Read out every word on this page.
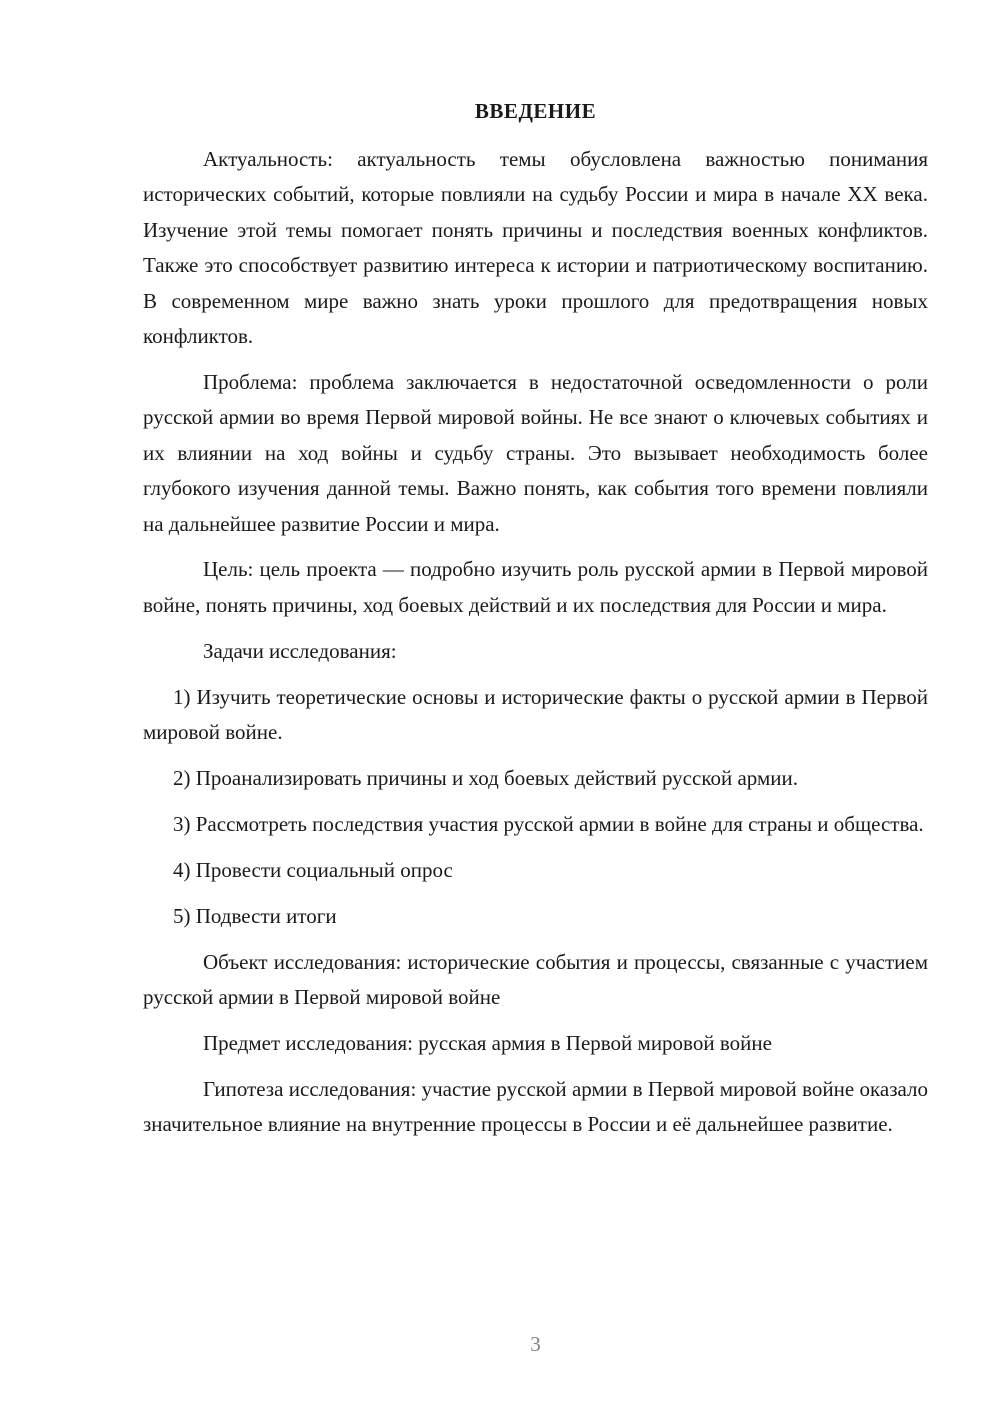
ВВЕДЕНИЕ

Актуальность: актуальность темы обусловлена важностью понимания исторических событий, которые повлияли на судьбу России и мира в начале XX века. Изучение этой темы помогает понять причины и последствия военных конфликтов. Также это способствует развитию интереса к истории и патриотическому воспитанию. В современном мире важно знать уроки прошлого для предотвращения новых конфликтов.

Проблема: проблема заключается в недостаточной осведомленности о роли русской армии во время Первой мировой войны. Не все знают о ключевых событиях и их влиянии на ход войны и судьбу страны. Это вызывает необходимость более глубокого изучения данной темы. Важно понять, как события того времени повлияли на дальнейшее развитие России и мира.

Цель: цель проекта — подробно изучить роль русской армии в Первой мировой войне, понять причины, ход боевых действий и их последствия для России и мира.

Задачи исследования:

1) Изучить теоретические основы и исторические факты о русской армии в Первой мировой войне.

2) Проанализировать причины и ход боевых действий русской армии.

3) Рассмотреть последствия участия русской армии в войне для страны и общества.

4) Провести социальный опрос

5) Подвести итоги

Объект исследования: исторические события и процессы, связанные с участием русской армии в Первой мировой войне

Предмет исследования: русская армия в Первой мировой войне

Гипотеза исследования: участие русской армии в Первой мировой войне оказало значительное влияние на внутренние процессы в России и её дальнейшее развитие.

3
